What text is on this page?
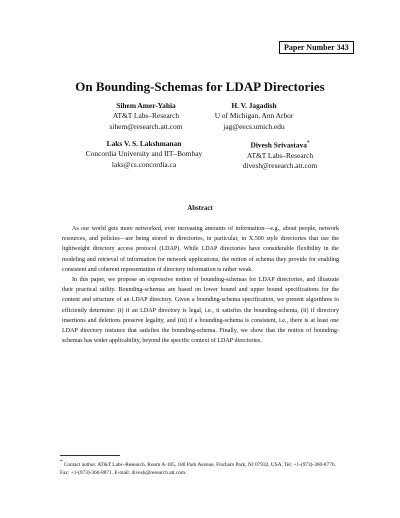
Paper Number 343
On Bounding-Schemas for LDAP Directories
Sihem Amer-Yahia
AT&T Labs–Research
sihem@research.att.com
H. V. Jagadish
U of Michigan, Ann Arbor
jag@eecs.umich.edu
Laks V. S. Lakshmanan
Concordia University and IIT–Bombay
laks@cs.concordia.ca
Divesh Srivastava*
AT&T Labs–Research
divesh@research.att.com
Abstract

As our world gets more networked, ever increasing amounts of information—e.g., about people, network resources, and policies—are being stored in directories, in particular, in X.500 style directories that use the lightweight directory access protocol (LDAP). While LDAP directories have considerable flexibility in the modeling and retrieval of information for network applications, the notion of schema they provide for enabling consistent and coherent representation of directory information is rather weak.

In this paper, we propose an expressive notion of bounding-schemas for LDAP directories, and illustrate their practical utility. Bounding-schemas are based on lower bound and upper bound specifications for the content and structure of an LDAP directory. Given a bounding-schema specification, we present algorithms to efficiently determine: (i) if an LDAP directory is legal, i.e., it satisfies the bounding-schema, (ii) if directory insertions and deletions preserve legality, and (iii) if a bounding-schema is consistent, i.e., there is at least one LDAP directory instance that satisfies the bounding-schema. Finally, we show that the notion of bounding-schemas has wider applicability, beyond the specific context of LDAP directories.

* Contact author. AT&T Labs–Research, Room A-105, 180 Park Avenue, Florham Park, NJ 07932, USA. Tel: +1-(973)-360-8776. Fax: +1-(973)-360-8871. E-mail: divesh@research.att.com.
